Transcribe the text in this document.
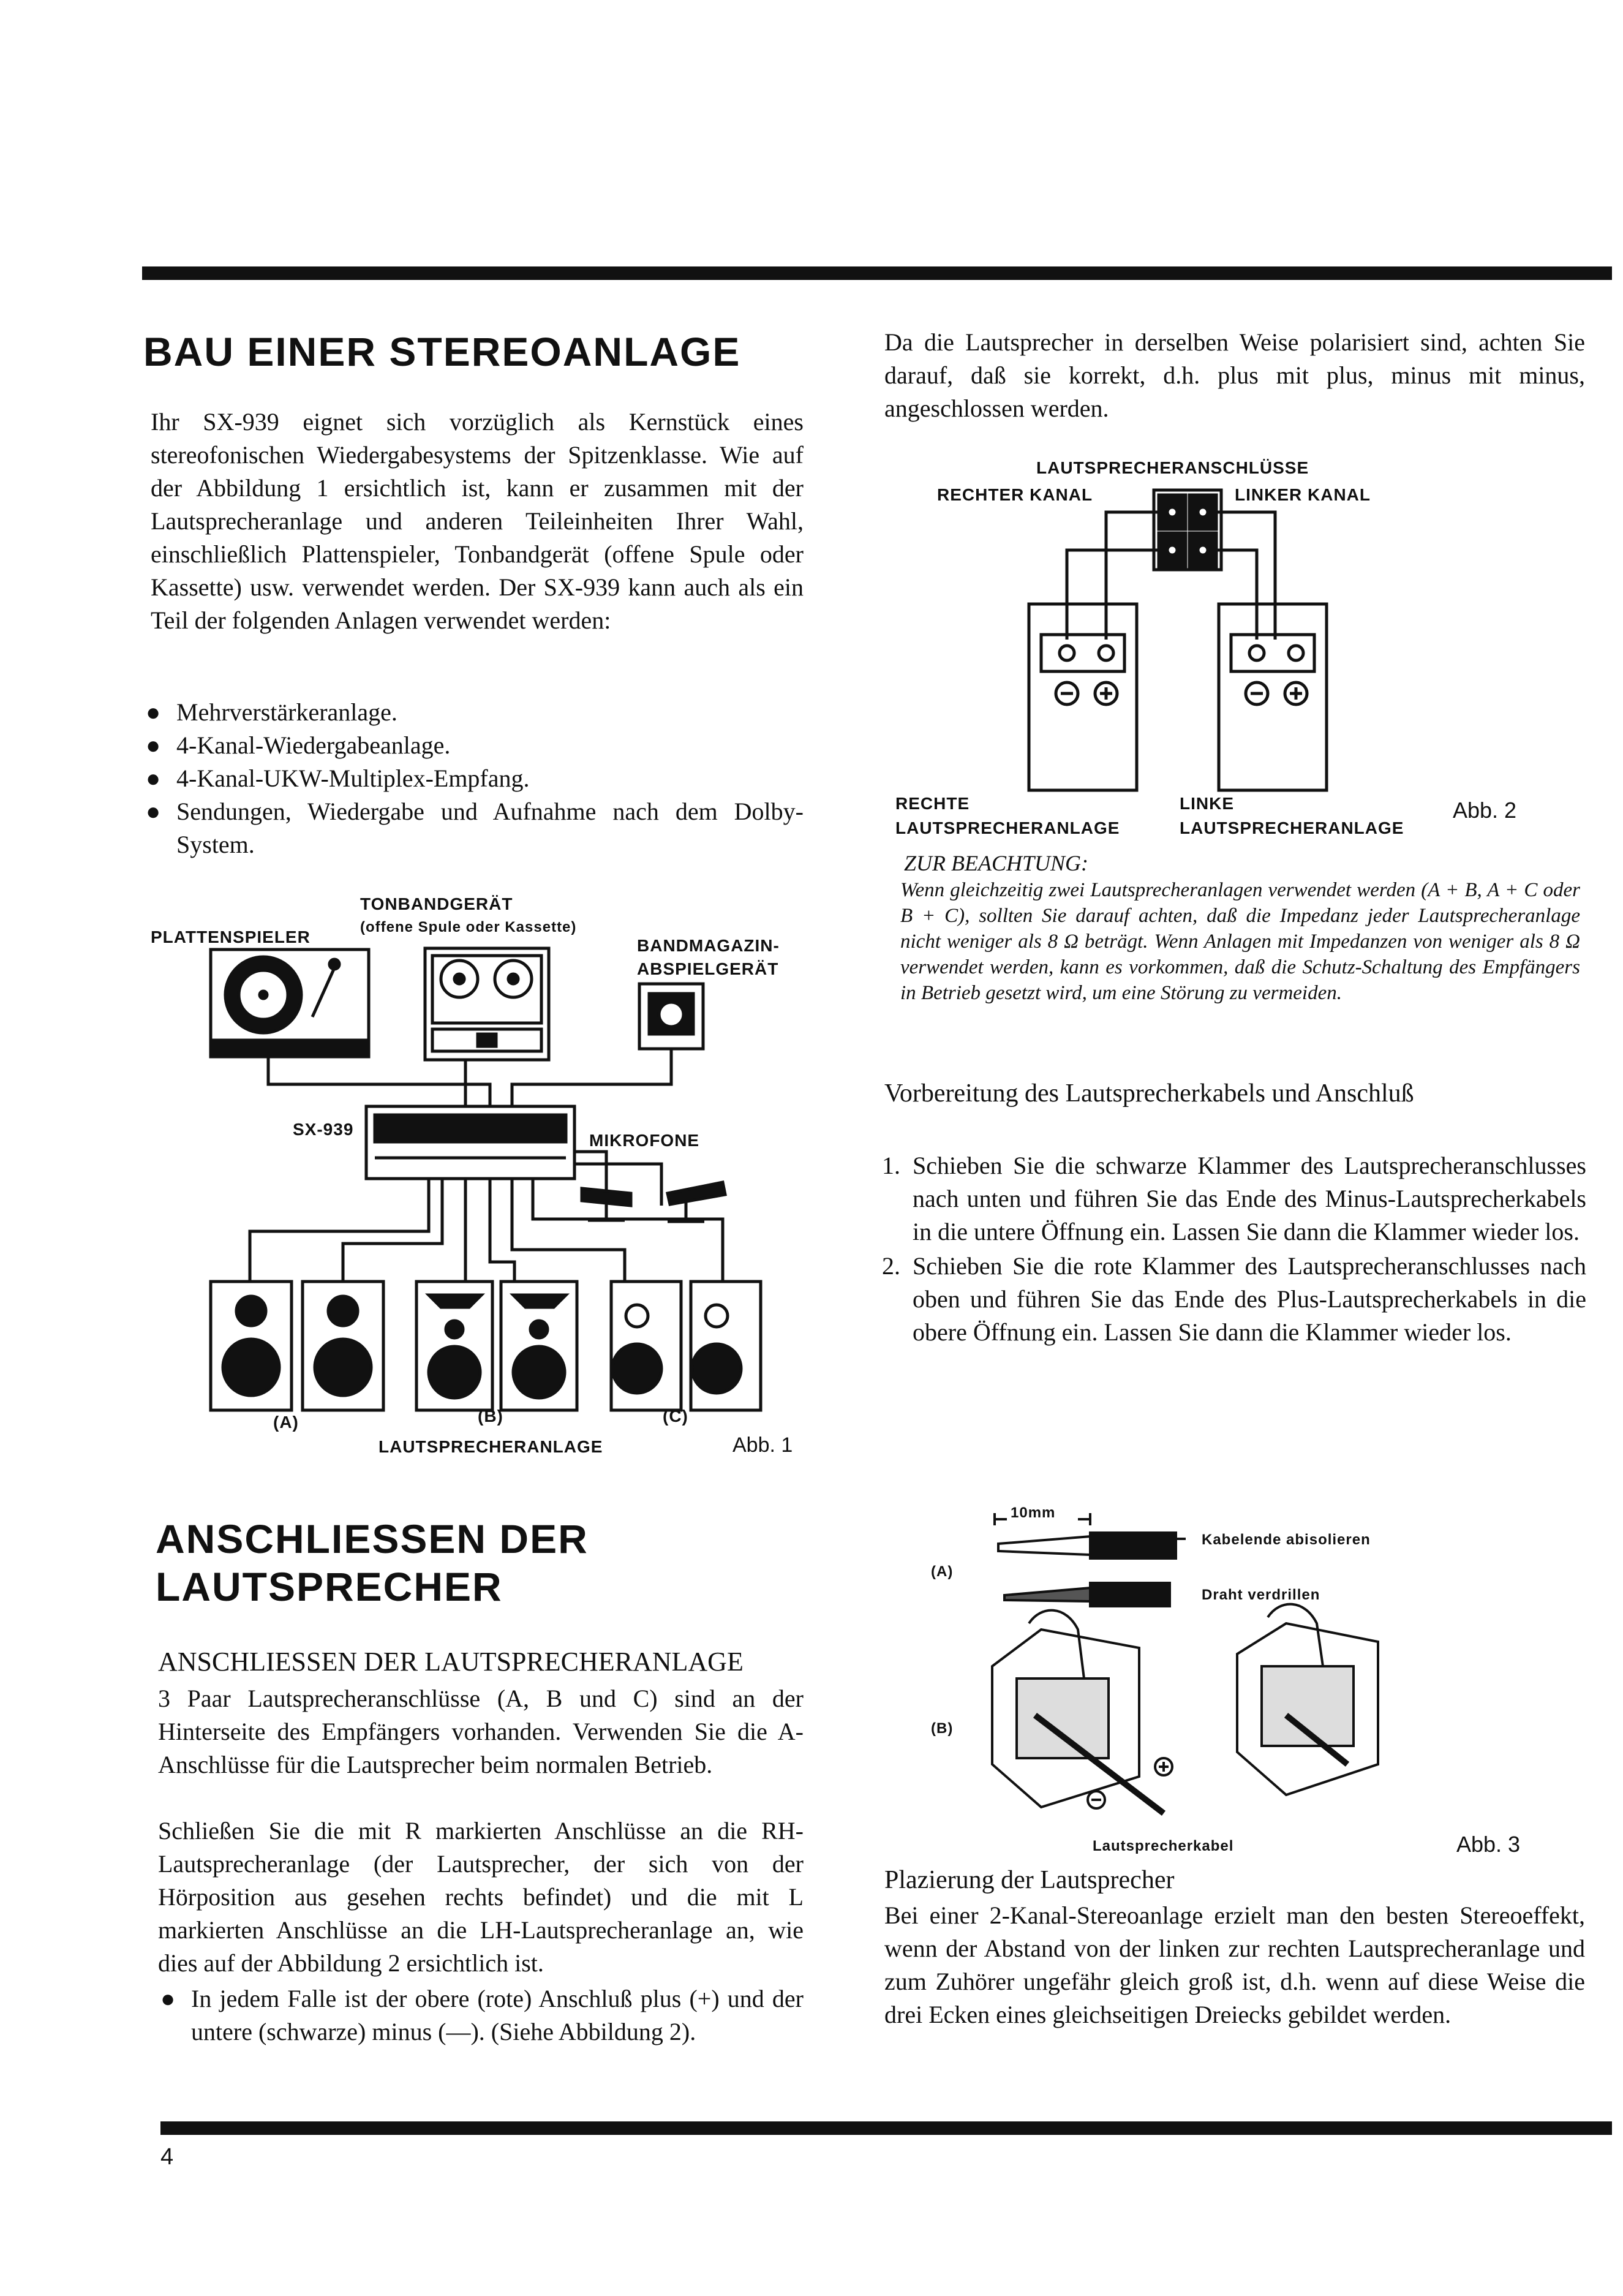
BAU EINER STEREOANLAGE

Ihr SX-939 eignet sich vorzüglich als Kernstück eines stereofonischen Wiedergabesystems der Spitzenklasse. Wie auf der Abbildung 1 ersichtlich ist, kann er zusammen mit der Lautsprecheranlage und anderen Teileinheiten Ihrer Wahl, einschließlich Plattenspieler, Tonbandgerät (offene Spule oder Kassette) usw. verwendet werden. Der SX-939 kann auch als ein Teil der folgenden Anlagen verwendet werden:

● Mehrverstärkeranlage.
● 4-Kanal-Wiedergabeanlage.
● 4-Kanal-UKW-Multiplex-Empfang.
● Sendungen, Wiedergabe und Aufnahme nach dem Dolby-System.
TONBANDGERÄT
(offene Spule oder Kassette)
PLATTENSPIELER	BANDMAGAZIN-
ABSPIELGERÄT
SX-939
MIKROFONE
(A)	(B)	(C)
LAUTSPRECHERANLAGE	Abb. 1
ANSCHLIESSEN DER
LAUTSPRECHER

ANSCHLIESSEN DER LAUTSPRECHERANLAGE

3 Paar Lautsprecheranschlüsse (A, B und C) sind an der Hinterseite des Empfängers vorhanden. Verwenden Sie die A-Anschlüsse für die Lautsprecher beim normalen Betrieb.

Schließen Sie die mit R markierten Anschlüsse an die RH-Lautsprecheranlage (der Lautsprecher, der sich von der Hörposition aus gesehen rechts befindet) und die mit L markierten Anschlüsse an die LH-Lautsprecheranlage an, wie dies auf der Abbildung 2 ersichtlich ist.

● In jedem Falle ist der obere (rote) Anschluß plus (+) und der untere (schwarze) minus (—). (Siehe Abbildung 2).

Da die Lautsprecher in derselben Weise polarisiert sind, achten Sie darauf, daß sie korrekt, d.h. plus mit plus, minus mit minus, angeschlossen werden.

LAUTSPRECHERANSCHLÜSSE
RECHTER KANAL	LINKER KANAL
RECHTE
LAUTSPRECHERANLAGE
LINKE
LAUTSPRECHERANLAGE
Abb. 2

ZUR BEACHTUNG:

Wenn gleichzeitig zwei Lautsprecheranlagen verwendet werden (A + B, A + C oder B + C), sollten Sie darauf achten, daß die Impedanz jeder Lautsprecheranlage nicht weniger als 8 Ω beträgt. Wenn Anlagen mit Impedanzen von weniger als 8 Ω verwendet werden, kann es vorkommen, daß die Schutz-Schaltung des Empfängers in Betrieb gesetzt wird, um eine Störung zu vermeiden.

Vorbereitung des Lautsprecherkabels und Anschluß

1. Schieben Sie die schwarze Klammer des Lautsprecheranschlusses nach unten und führen Sie das Ende des Minus-Lautsprecherkabels in die untere Öffnung ein. Lassen Sie dann die Klammer wieder los.
2. Schieben Sie die rote Klammer des Lautsprecheranschlusses nach oben und führen Sie das Ende des Plus-Lautsprecherkabels in die obere Öffnung ein. Lassen Sie dann die Klammer wieder los.
10mm
(A)
(B)
Kabelende abisolieren
Draht verdrillen
Lautsprecherkabel	Abb. 3

Plazierung der Lautsprecher

Bei einer 2-Kanal-Stereoanlage erzielt man den besten Stereoeffekt, wenn der Abstand von der linken zur rechten Lautsprecheranlage und zum Zuhörer ungefähr gleich groß ist, d.h. wenn auf diese Weise die drei Ecken eines gleichseitigen Dreiecks gebildet werden.

4
